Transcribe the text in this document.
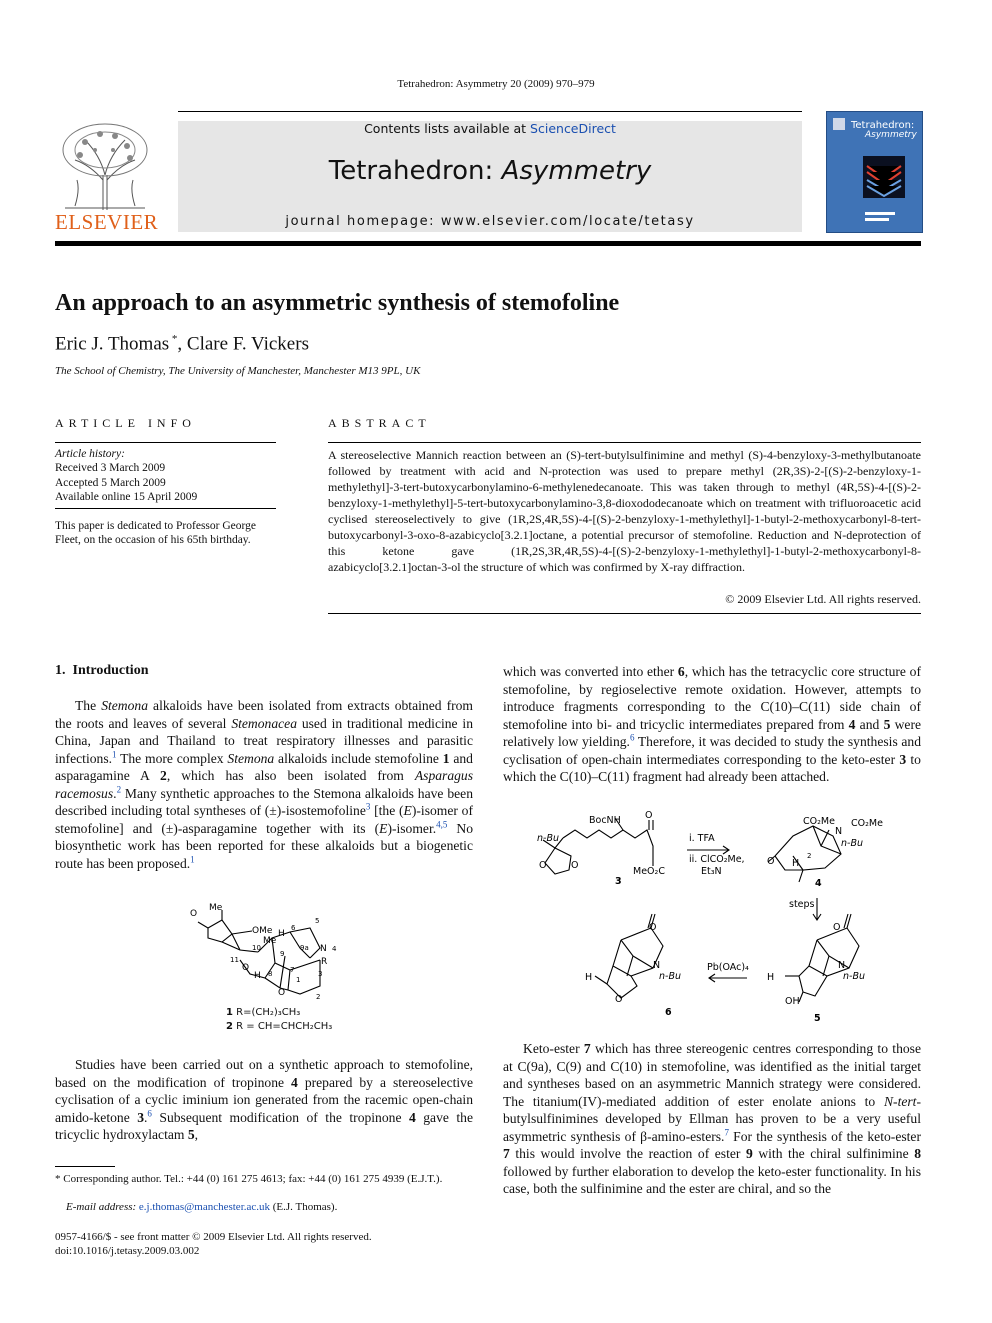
Tetrahedron: Asymmetry 20 (2009) 970–979
ELSEVIER
Contents lists available at ScienceDirect
Tetrahedron: Asymmetry
journal homepage: www.elsevier.com/locate/tetasy
Tetrahedron:
Asymmetry
An approach to an asymmetric synthesis of stemofoline
Eric J. Thomas *, Clare F. Vickers
The School of Chemistry, The University of Manchester, Manchester M13 9PL, UK
ARTICLE INFO
Article history:
Received 3 March 2009
Accepted 5 March 2009
Available online 15 April 2009
This paper is dedicated to Professor George Fleet, on the occasion of his 65th birthday.
ABSTRACT
A stereoselective Mannich reaction between an (S)-tert-butylsulfinimine and methyl (S)-4-benzyloxy-3-methylbutanoate followed by treatment with acid and N-protection was used to prepare methyl (2R,3S)-2-[(S)-2-benzyloxy-1-methylethyl]-3-tert-butoxycarbonylamino-6-methylenedecanoate. This was taken through to methyl (4R,5S)-4-[(S)-2-benzyloxy-1-methylethyl]-5-tert-butoxycarbonylamino-3,8-dioxododecanoate which on treatment with trifluoroacetic acid cyclised stereoselectively to give (1R,2S,4R,5S)-4-[(S)-2-benzyloxy-1-methylethyl]-1-butyl-2-methoxycarbonyl-8-tert-butoxycarbonyl-3-oxo-8-azabicyclo[3.2.1]octane, a potential precursor of stemofoline. Reduction and N-deprotection of this ketone gave (1R,2S,3R,4R,5S)-4-[(S)-2-benzyloxy-1-methylethyl]-1-butyl-2-methoxycarbonyl-8-azabicyclo[3.2.1]octan-3-ol the structure of which was confirmed by X-ray diffraction.
© 2009 Elsevier Ltd. All rights reserved.
1. Introduction
The Stemona alkaloids have been isolated from extracts obtained from the roots and leaves of several Stemonacea used in traditional medicine in China, Japan and Thailand to treat respiratory illnesses and parasitic infections.$^1$ The more complex Stemona alkaloids include stemofoline 1 and asparagamine A 2, which has also been isolated from Asparagus racemosus.$^2$ Many synthetic approaches to the Stemona alkaloids have been described including total syntheses of (±)-isostemofoline$^3$ [the (E)-isomer of stemofoline] and (±)-asparagamine together with its (E)-isomer.$^{4,5}$ No biosynthetic work has been reported for these alkaloids but a biogenetic route has been proposed.$^1$
Me
O
OMe H
Me
5
6
10
9
9a N 4
R
11
O
H 8	7
1
3
O	2
1 R=(CH₂)₃CH₃
2 R = CH=CHCH₂CH₃
Studies have been carried out on a synthetic approach to stemofoline, based on the modification of tropinone 4 prepared by a stereoselective cyclisation of a cyclic iminium ion generated from the racemic open-chain amido-ketone 3.$^6$ Subsequent modification of the tropinone 4 gave the tricyclic hydroxylactam 5,
* Corresponding author. Tel.: +44 (0) 161 275 4613; fax: +44 (0) 161 275 4939 (E.J.T.).
E-mail address: e.j.thomas@manchester.ac.uk (E.J. Thomas).
0957-4166/$ - see front matter © 2009 Elsevier Ltd. All rights reserved.
doi:10.1016/j.tetasy.2009.03.002
which was converted into ether 6, which has the tetracyclic core structure of stemofoline, by regioselective remote oxidation. However, attempts to introduce fragments corresponding to the C(10)–C(11) side chain of stemofoline into bi- and tricyclic intermediates prepared from 4 and 5 were relatively low yielding.$^6$ Therefore, it was decided to study the synthesis and cyclisation of open-chain intermediates corresponding to the keto-ester 3 to which the C(10)–C(11) fragment had already been attached.
BocNH	O
n-Bu
O	O
MeO₂C
3
i. TFA
ii. ClCO₂Me,
Et₃N
CO₂Me CO₂Me
N
n-Bu
2
O H
4
steps
O
N
n-Bu
H
O
6
Pb(OAc)₄
O
N
n-Bu
H
OH
5
Keto-ester 7 which has three stereogenic centres corresponding to those at C(9a), C(9) and C(10) in stemofoline, was identified as the initial target and syntheses based on an asymmetric Mannich strategy were considered. The titanium(IV)-mediated addition of ester enolate anions to N-tert-butylsulfinimines developed by Ellman has proven to be a very useful asymmetric synthesis of β-amino-esters.$^7$ For the synthesis of the keto-ester 7 this would involve the reaction of ester 9 with the chiral sulfinimine 8 followed by further elaboration to develop the keto-ester functionality. In his case, both the sulfinimine and the ester are chiral, and so the
